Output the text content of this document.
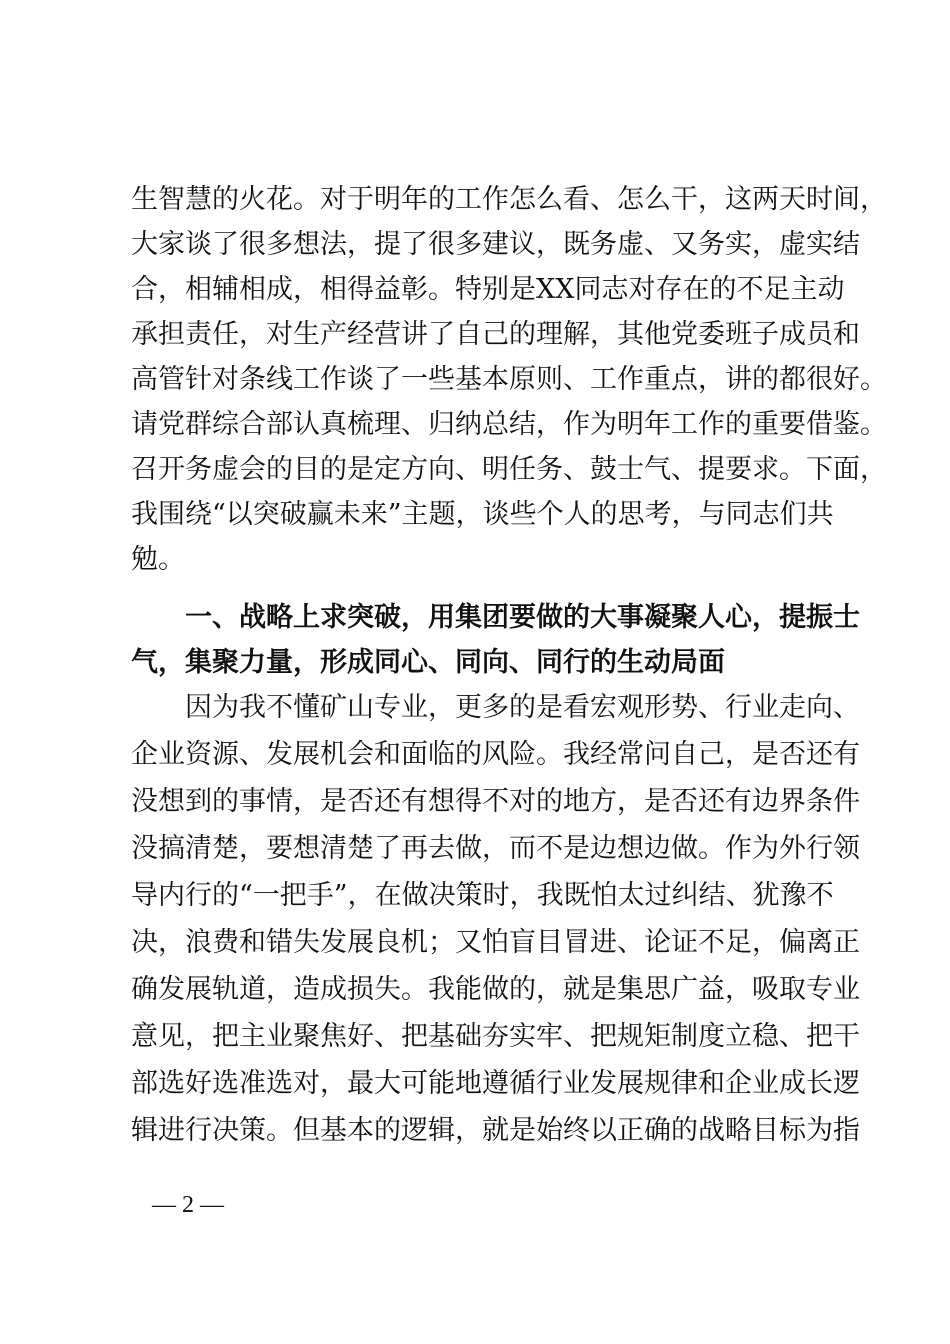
生智慧的火花。对于明年的工作怎么看、怎么干，这两天时间，
大家谈了很多想法，提了很多建议，既务虚、又务实，虚实结
合，相辅相成，相得益彰。特别是XX同志对存在的不足主动
承担责任，对生产经营讲了自己的理解，其他党委班子成员和
高管针对条线工作谈了一些基本原则、工作重点，讲的都很好。
请党群综合部认真梳理、归纳总结，作为明年工作的重要借鉴。
召开务虚会的目的是定方向、明任务、鼓士气、提要求。下面，
我围绕“以突破赢未来”主题，谈些个人的思考，与同志们共
勉。
一、战略上求突破，用集团要做的大事凝聚人心，提振士
气，集聚力量，形成同心、同向、同行的生动局面
因为我不懂矿山专业，更多的是看宏观形势、行业走向、
企业资源、发展机会和面临的风险。我经常问自己，是否还有
没想到的事情，是否还有想得不对的地方，是否还有边界条件
没搞清楚，要想清楚了再去做，而不是边想边做。作为外行领
导内行的“一把手”，在做决策时，我既怕太过纠结、犹豫不
决，浪费和错失发展良机；又怕盲目冒进、论证不足，偏离正
确发展轨道，造成损失。我能做的，就是集思广益，吸取专业
意见，把主业聚焦好、把基础夯实牢、把规矩制度立稳、把干
部选好选准选对，最大可能地遵循行业发展规律和企业成长逻
辑进行决策。但基本的逻辑，就是始终以正确的战略目标为指
— 2 —
